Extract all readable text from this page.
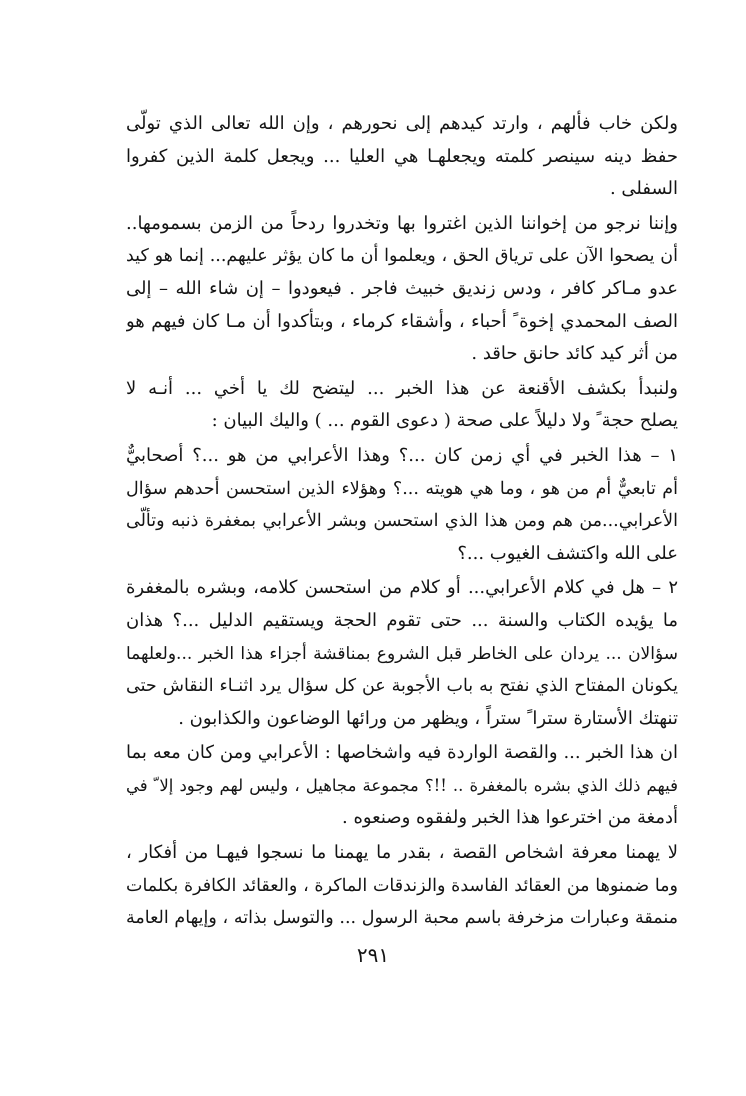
ولكن خاب فألهم ، وارتد كيدهم إلى نحورهم ، وإن الله تعالى الذي تولّى
حفظ دينه سينصر كلمته ويجعلهـا هي العليا ... ويجعل كلمة الذين كفروا
السفلى .
وإننا نرجو من إخواننا الذين اغتروا بها وتخدروا ردحاً من الزمن بسمومها..
أن يصحوا الآن على ترياق الحق ، ويعلموا أن ما كان يؤثر عليهم... إنما هو كيد
عدو مـاكر كافر ، ودس زنديق خبيث فاجر . فيعودوا – إن شاء الله – إلى
الصف المحمدي إخوة ً أحباء ، وأشقاء كرماء ، وبتأكدوا أن مـا كان فيهم هو
من أثر كيد كائد حانق حاقد .
ولنبدأ بكشف الأقنعة عن هذا الخبر ... ليتضح لك يا أخي ... أنـه لا
يصلح حجة ً ولا دليلاً على صحة ( دعوى القوم ... ) واليك البيان :
١ – هذا الخبر في أي زمن كان ...؟ وهذا الأعرابي من هو ...؟ أصحابيٌّ
أم تابعيٌّ أم من هو ، وما هي هويته ...؟ وهؤلاء الذين استحسن أحدهم سؤال
الأعرابي...من هم ومن هذا الذي استحسن وبشر الأعرابي بمغفرة ذنبه وتألّى
على الله واكتشف الغيوب ...؟
٢ – هل في كلام الأعرابي... أو كلام من استحسن كلامه، وبشره بالمغفرة
ما يؤيده الكتاب والسنة ... حتى تقوم الحجة ويستقيم الدليل ...؟ هذان
سؤالان ... يردان على الخاطر قبل الشروع بمناقشة أجزاء هذا الخبر ...ولعلهما
يكونان المفتاح الذي نفتح به باب الأجوبة عن كل سؤال يرد اثنـاء النقاش حتى
تنهتك الأستارة سترا ً ستراً ، ويظهر من ورائها الوضاعون والكذابون .
ان هذا الخبر ... والقصة الواردة فيه واشخاصها : الأعرابي ومن كان معه بما
فيهم ذلك الذي بشره بالمغفرة .. !!؟ مجموعة مجاهيل ، وليس لهم وجود إلا ّ في
أدمغة من اخترعوا هذا الخبر ولفقوه وصنعوه .
لا يهمنا معرفة اشخاص القصة ، بقدر ما يهمنا ما نسجوا فيهـا من أفكار ،
وما ضمنوها من العقائد الفاسدة والزندقات الماكرة ، والعقائد الكافرة بكلمات
منمقة وعبارات مزخرفة باسم محبة الرسول ... والتوسل بذاته ، وإيهام العامة
٢٩١
